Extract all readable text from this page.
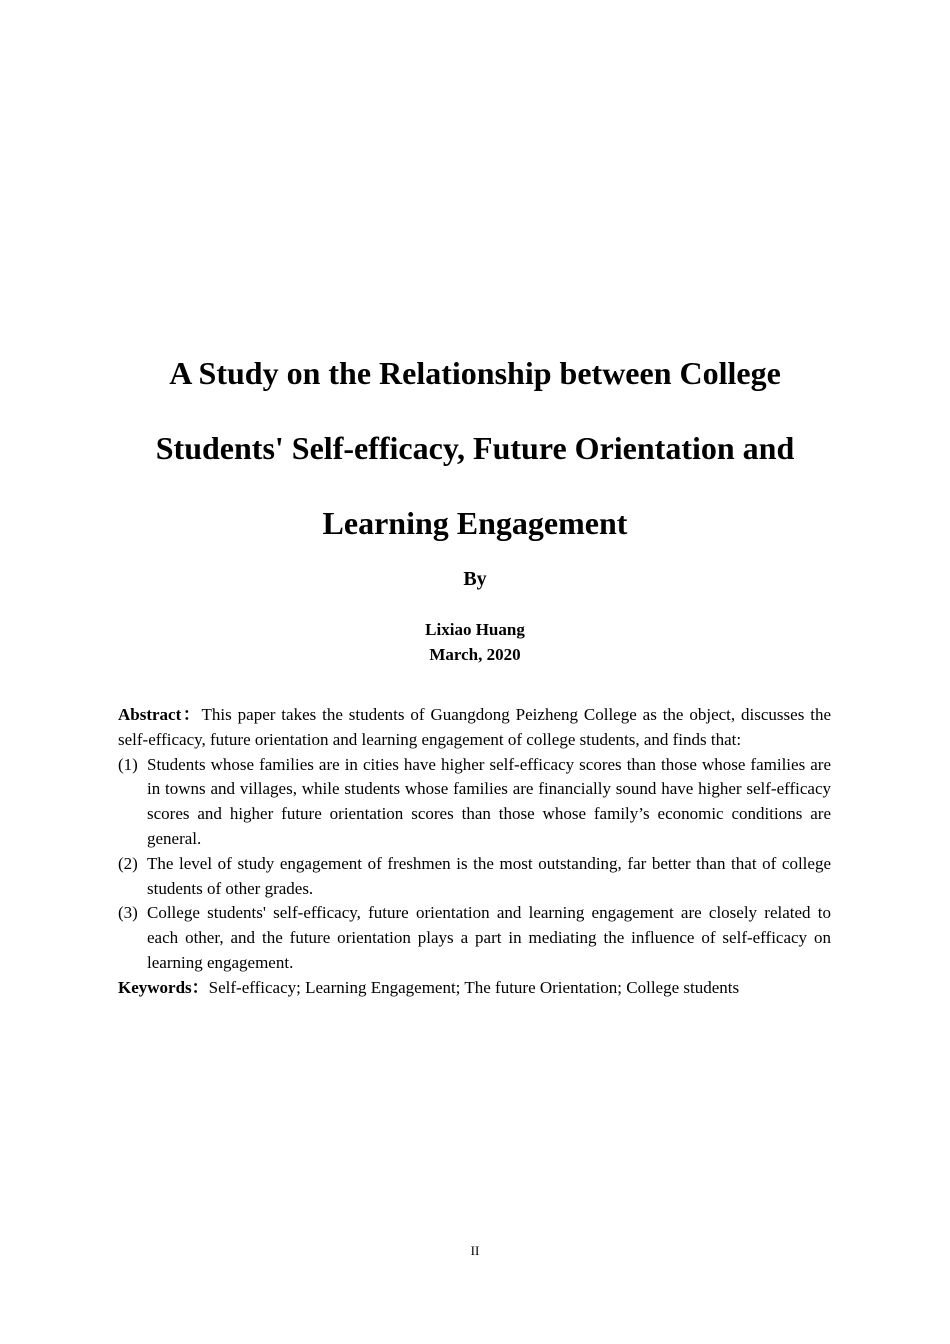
A Study on the Relationship between College
Students' Self-efficacy, Future Orientation and
Learning Engagement
By
Lixiao Huang
March, 2020

Abstract：This paper takes the students of Guangdong Peizheng College as the object, discusses the self-efficacy, future orientation and learning engagement of college students, and finds that:

(1) Students whose families are in cities have higher self-efficacy scores than those whose families are in towns and villages, while students whose families are financially sound have higher self-efficacy scores and higher future orientation scores than those whose family’s economic conditions are general.
(2) The level of study engagement of freshmen is the most outstanding, far better than that of college students of other grades.
(3) College students' self-efficacy, future orientation and learning engagement are closely related to each other, and the future orientation plays a part in mediating the influence of self-efficacy on learning engagement.

Keywords：Self-efficacy; Learning Engagement; The future Orientation; College students

II
